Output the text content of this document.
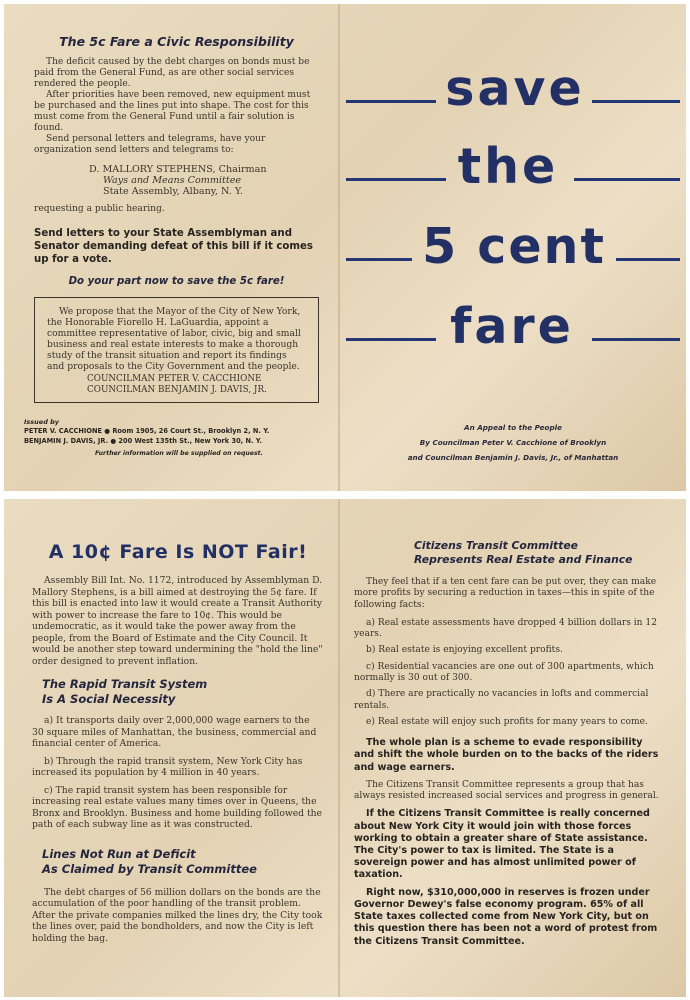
The 5c Fare a Civic Responsibility

The deficit caused by the debt charges on bonds must be paid from the General Fund, as are other social services rendered the people.

After priorities have been removed, new equipment must be purchased and the lines put into shape. The cost for this must come from the General Fund until a fair solution is found.

Send personal letters and telegrams, have your organization send letters and telegrams to:

D. MALLORY STEPHENS, Chairman

Ways and Means Committee

State Assembly, Albany, N. Y.

requesting a public hearing.

Send letters to your State Assemblyman and Senator demanding defeat of this bill if it comes up for a vote.

Do your part now to save the 5c fare!

We propose that the Mayor of the City of New York, the Honorable Fiorello H. LaGuardia, appoint a committee representative of labor, civic, big and small business and real estate interests to make a thorough study of the transit situation and report its findings and proposals to the City Government and the people.

COUNCILMAN PETER V. CACCHIONE

COUNCILMAN BENJAMIN J. DAVIS, JR.

Issued by

PETER V. CACCHIONE ● Room 1905, 26 Court St., Brooklyn 2, N. Y.

BENJAMIN J. DAVIS, JR. ● 200 West 135th St., New York 30, N. Y.

Further information will be supplied on request.

save
the
5 cent
fare

An Appeal to the People

By Councilman Peter V. Cacchione of Brooklyn

and Councilman Benjamin J. Davis, Jr., of Manhattan

A 10¢ Fare Is NOT Fair!

Assembly Bill Int. No. 1172, introduced by Assemblyman D. Mallory Stephens, is a bill aimed at destroying the 5¢ fare. If this bill is enacted into law it would create a Transit Authority with power to increase the fare to 10¢. This would be undemocratic, as it would take the power away from the people, from the Board of Estimate and the City Council. It would be another step toward undermining the "hold the line" order designed to prevent inflation.

The Rapid Transit System

Is A Social Necessity

a) It transports daily over 2,000,000 wage earners to the 30 square miles of Manhattan, the business, commercial and financial center of America.

b) Through the rapid transit system, New York City has increased its population by 4 million in 40 years.

c) The rapid transit system has been responsible for increasing real estate values many times over in Queens, the Bronx and Brooklyn. Business and home building followed the path of each subway line as it was constructed.

Lines Not Run at Deficit

As Claimed by Transit Committee

The debt charges of 56 million dollars on the bonds are the accumulation of the poor handling of the transit problem. After the private companies milked the lines dry, the City took the lines over, paid the bondholders, and now the City is left holding the bag.

Citizens Transit Committee

Represents Real Estate and Finance

They feel that if a ten cent fare can be put over, they can make more profits by securing a reduction in taxes—this in spite of the following facts:

a) Real estate assessments have dropped 4 billion dollars in 12 years.

b) Real estate is enjoying excellent profits.

c) Residential vacancies are one out of 300 apartments, which normally is 30 out of 300.

d) There are practically no vacancies in lofts and commercial rentals.

e) Real estate will enjoy such profits for many years to come.

The whole plan is a scheme to evade responsibility and shift the whole burden on to the backs of the riders and wage earners.

The Citizens Transit Committee represents a group that has always resisted increased social services and progress in general.

If the Citizens Transit Committee is really concerned about New York City it would join with those forces working to obtain a greater share of State assistance. The City's power to tax is limited. The State is a sovereign power and has almost unlimited power of taxation.

Right now, $310,000,000 in reserves is frozen under Governor Dewey's false economy program. 65% of all State taxes collected come from New York City, but on this question there has been not a word of protest from the Citizens Transit Committee.
